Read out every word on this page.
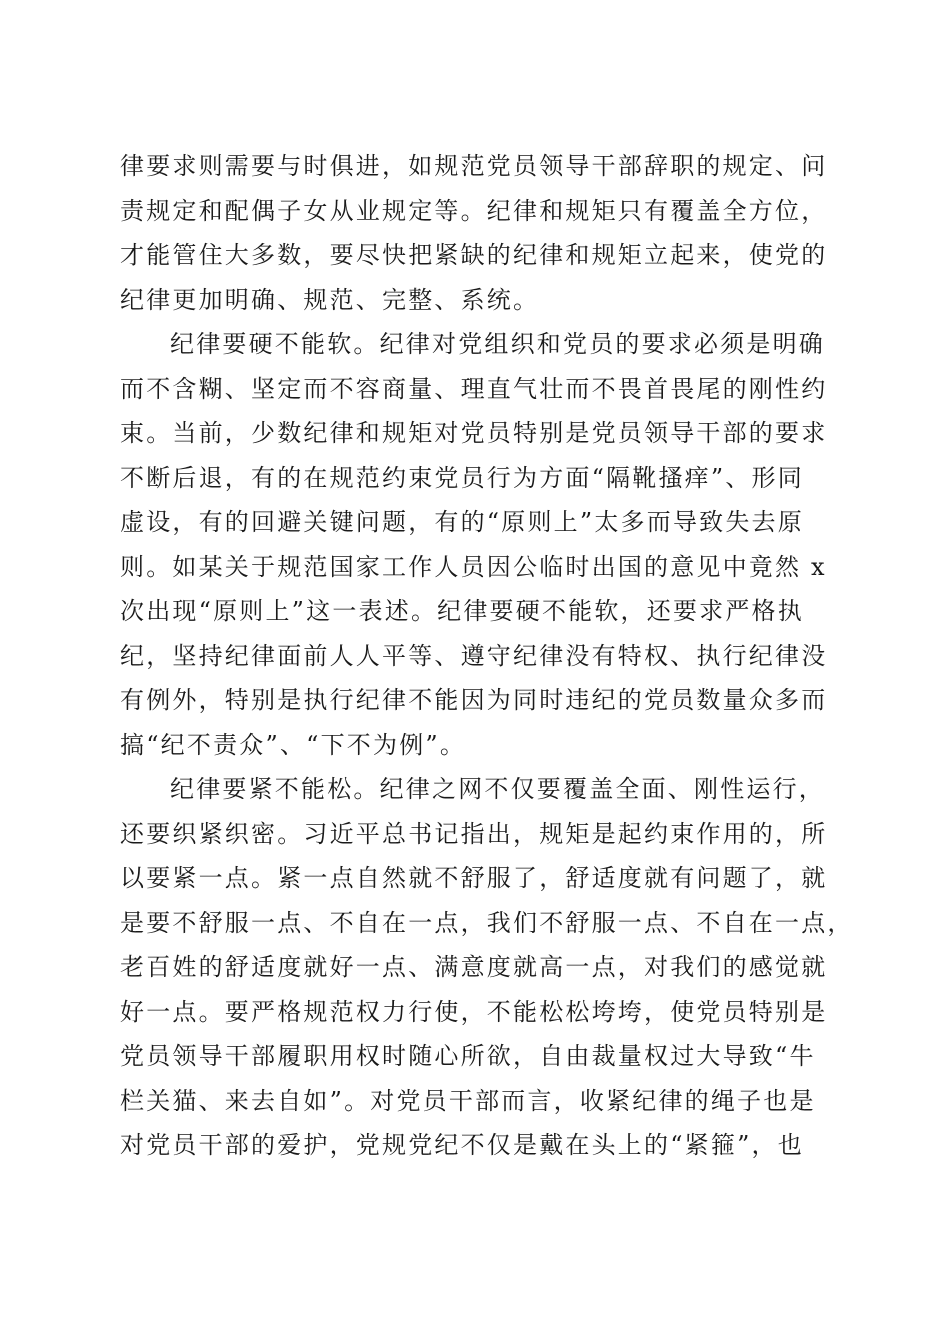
律要求则需要与时俱进，如规范党员领导干部辞职的规定、问
责规定和配偶子女从业规定等。纪律和规矩只有覆盖全方位，
才能管住大多数，要尽快把紧缺的纪律和规矩立起来，使党的
纪律更加明确、规范、完整、系统。
纪律要硬不能软。纪律对党组织和党员的要求必须是明确
而不含糊、坚定而不容商量、理直气壮而不畏首畏尾的刚性约
束。当前，少数纪律和规矩对党员特别是党员领导干部的要求
不断后退，有的在规范约束党员行为方面“隔靴搔痒”、形同
虚设，有的回避关键问题，有的“原则上”太多而导致失去原
则。如某关于规范国家工作人员因公临时出国的意见中竟然 x
次出现“原则上”这一表述。纪律要硬不能软，还要求严格执
纪，坚持纪律面前人人平等、遵守纪律没有特权、执行纪律没
有例外，特别是执行纪律不能因为同时违纪的党员数量众多而
搞“纪不责众”、“下不为例”。
纪律要紧不能松。纪律之网不仅要覆盖全面、刚性运行，
还要织紧织密。习近平总书记指出，规矩是起约束作用的，所
以要紧一点。紧一点自然就不舒服了，舒适度就有问题了，就
是要不舒服一点、不自在一点，我们不舒服一点、不自在一点，
老百姓的舒适度就好一点、满意度就高一点，对我们的感觉就
好一点。要严格规范权力行使，不能松松垮垮，使党员特别是
党员领导干部履职用权时随心所欲，自由裁量权过大导致“牛
栏关猫、来去自如”。对党员干部而言，收紧纪律的绳子也是
对党员干部的爱护，党规党纪不仅是戴在头上的“紧箍”，也
